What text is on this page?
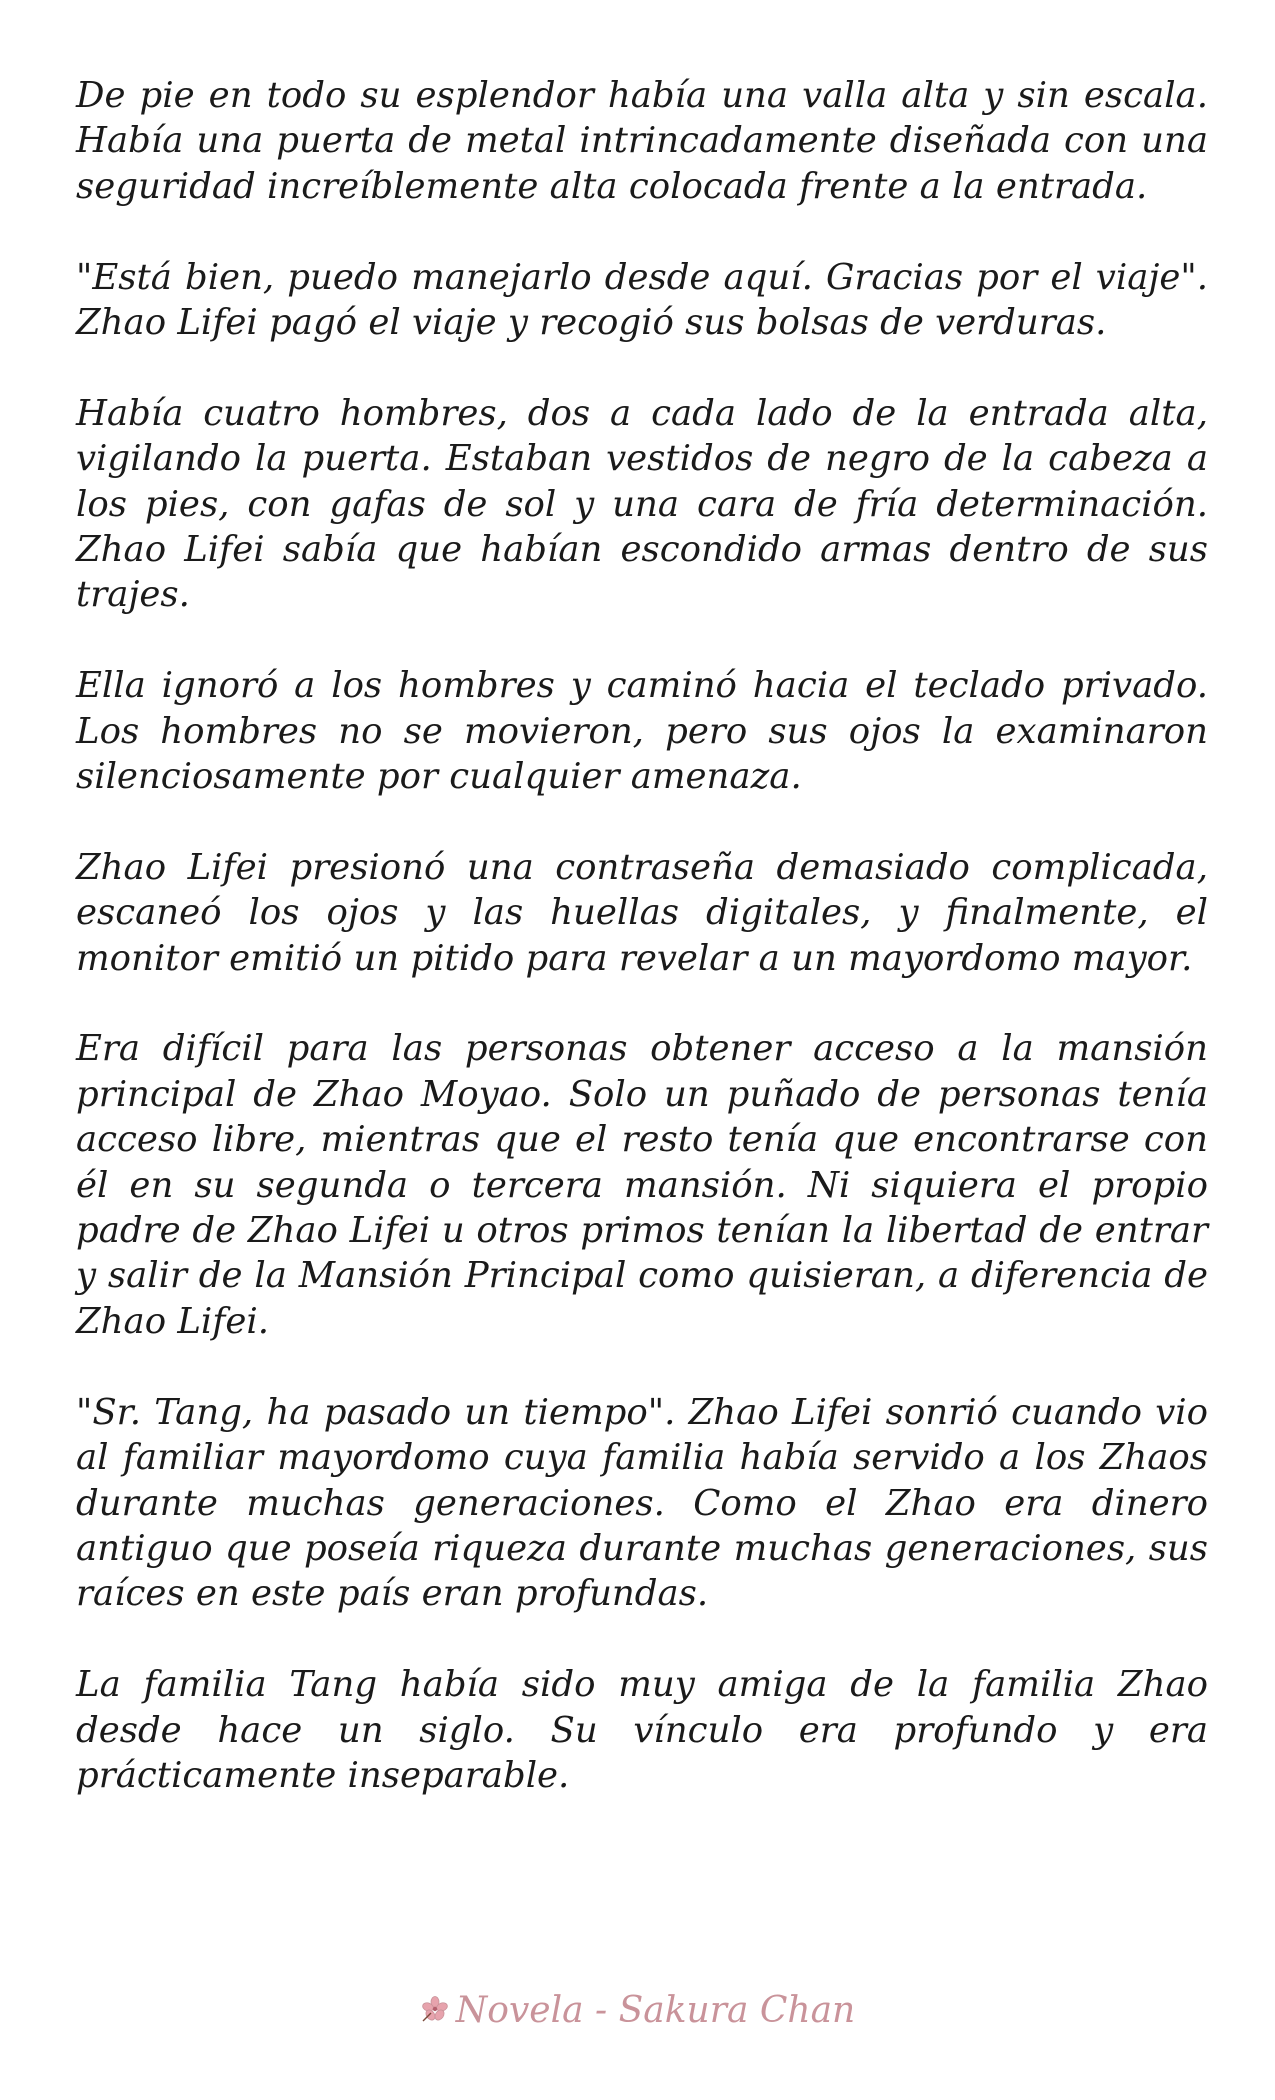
De pie en todo su esplendor había una valla alta y sin escala. Había una puerta de metal intrincadamente diseñada con una seguridad increíblemente alta colocada frente a la entrada.

"Está bien, puedo manejarlo desde aquí. Gracias por el viaje". Zhao Lifei pagó el viaje y recogió sus bolsas de verduras.

Había cuatro hombres, dos a cada lado de la entrada alta, vigilando la puerta. Estaban vestidos de negro de la cabeza a los pies, con gafas de sol y una cara de fría determinación. Zhao Lifei sabía que habían escondido armas dentro de sus trajes.

Ella ignoró a los hombres y caminó hacia el teclado privado. Los hombres no se movieron, pero sus ojos la examinaron silenciosamente por cualquier amenaza.

Zhao Lifei presionó una contraseña demasiado complicada, escaneó los ojos y las huellas digitales, y finalmente, el monitor emitió un pitido para revelar a un mayordomo mayor.

Era difícil para las personas obtener acceso a la mansión principal de Zhao Moyao. Solo un puñado de personas tenía acceso libre, mientras que el resto tenía que encontrarse con él en su segunda o tercera mansión. Ni siquiera el propio padre de Zhao Lifei u otros primos tenían la libertad de entrar y salir de la Mansión Principal como quisieran, a diferencia de Zhao Lifei.

"Sr. Tang, ha pasado un tiempo". Zhao Lifei sonrió cuando vio al familiar mayordomo cuya familia había servido a los Zhaos durante muchas generaciones. Como el Zhao era dinero antiguo que poseía riqueza durante muchas generaciones, sus raíces en este país eran profundas.

La familia Tang había sido muy amiga de la familia Zhao desde hace un siglo. Su vínculo era profundo y era prácticamente inseparable.

Novela - Sakura Chan
